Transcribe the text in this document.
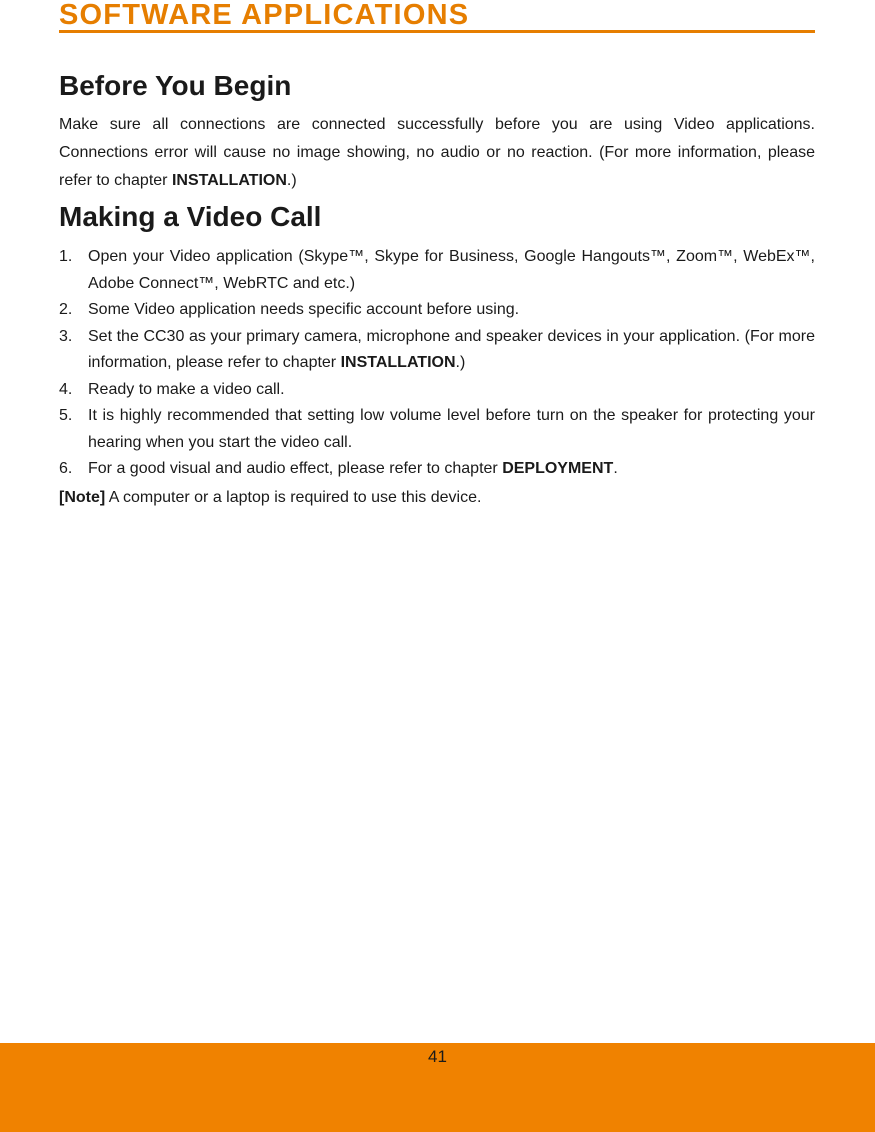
SOFTWARE APPLICATIONS
Before You Begin

Make sure all connections are connected successfully before you are using Video applications. Connections error will cause no image showing, no audio or no reaction. (For more information, please refer to chapter INSTALLATION.)

Making a Video Call
1. Open your Video application (Skype™, Skype for Business, Google Hangouts™, Zoom™, WebEx™, Adobe Connect™, WebRTC and etc.)
2. Some Video application needs specific account before using.
3. Set the CC30 as your primary camera, microphone and speaker devices in your application. (For more information, please refer to chapter INSTALLATION.)
4. Ready to make a video call.
5. It is highly recommended that setting low volume level before turn on the speaker for protecting your hearing when you start the video call.
6. For a good visual and audio effect, please refer to chapter DEPLOYMENT.

[Note] A computer or a laptop is required to use this device.

41
